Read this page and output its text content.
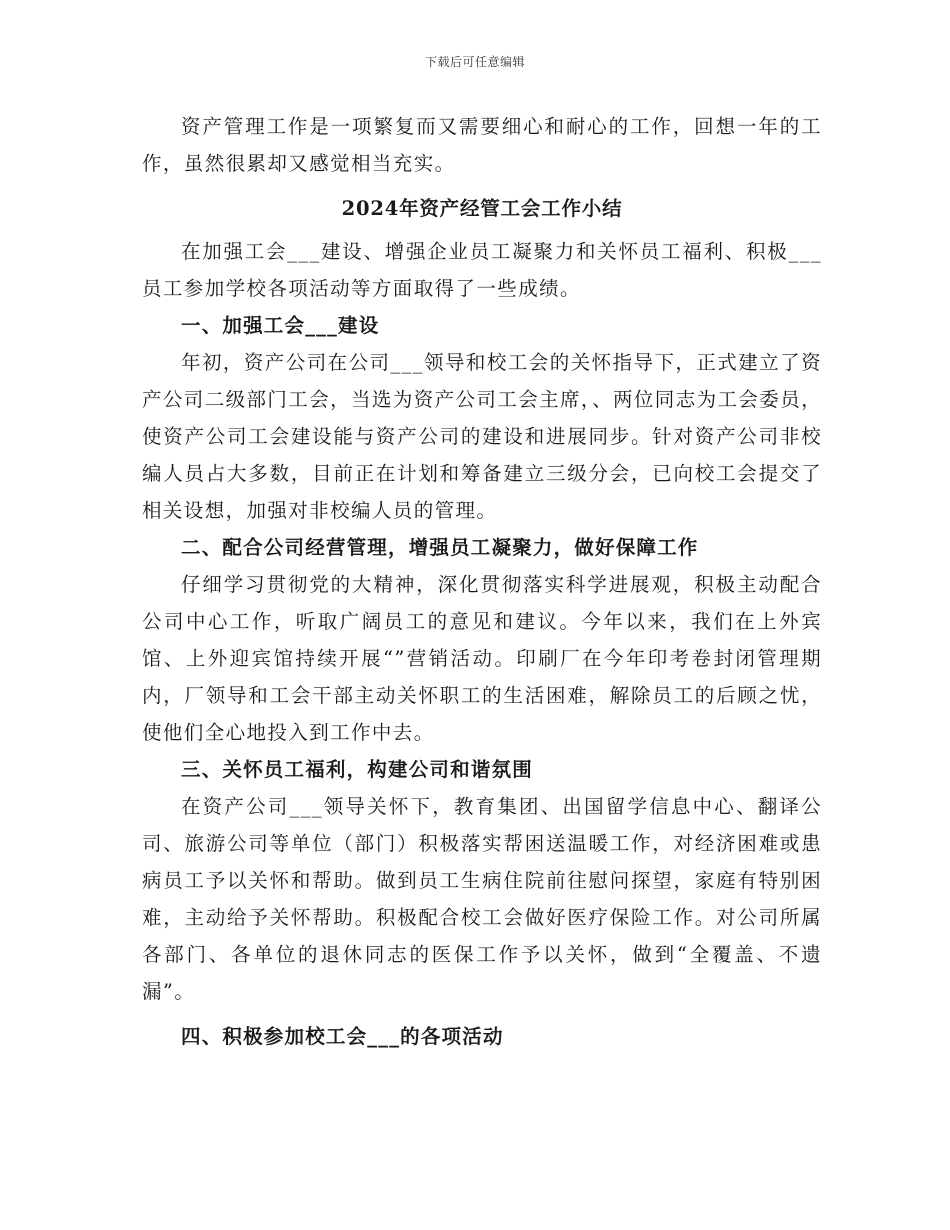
下载后可任意编辑

资产管理工作是一项繁复而又需要细心和耐心的工作，回想一年的工作，虽然很累却又感觉相当充实。

2024年资产经管工会工作小结

在加强工会___建设、增强企业员工凝聚力和关怀员工福利、积极___员工参加学校各项活动等方面取得了一些成绩。

一、加强工会___建设

年初，资产公司在公司___领导和校工会的关怀指导下，正式建立了资产公司二级部门工会，当选为资产公司工会主席，、两位同志为工会委员，使资产公司工会建设能与资产公司的建设和进展同步。针对资产公司非校编人员占大多数，目前正在计划和筹备建立三级分会，已向校工会提交了相关设想，加强对非校编人员的管理。

二、配合公司经营管理，增强员工凝聚力，做好保障工作

仔细学习贯彻党的大精神，深化贯彻落实科学进展观，积极主动配合公司中心工作，听取广阔员工的意见和建议。今年以来，我们在上外宾馆、上外迎宾馆持续开展“”营销活动。印刷厂在今年印考卷封闭管理期内，厂领导和工会干部主动关怀职工的生活困难，解除员工的后顾之忧，使他们全心地投入到工作中去。

三、关怀员工福利，构建公司和谐氛围

在资产公司___领导关怀下，教育集团、出国留学信息中心、翻译公司、旅游公司等单位（部门）积极落实帮困送温暖工作，对经济困难或患病员工予以关怀和帮助。做到员工生病住院前往慰问探望，家庭有特别困难，主动给予关怀帮助。积极配合校工会做好医疗保险工作。对公司所属各部门、各单位的退休同志的医保工作予以关怀，做到“全覆盖、不遗漏”。

四、积极参加校工会___的各项活动
